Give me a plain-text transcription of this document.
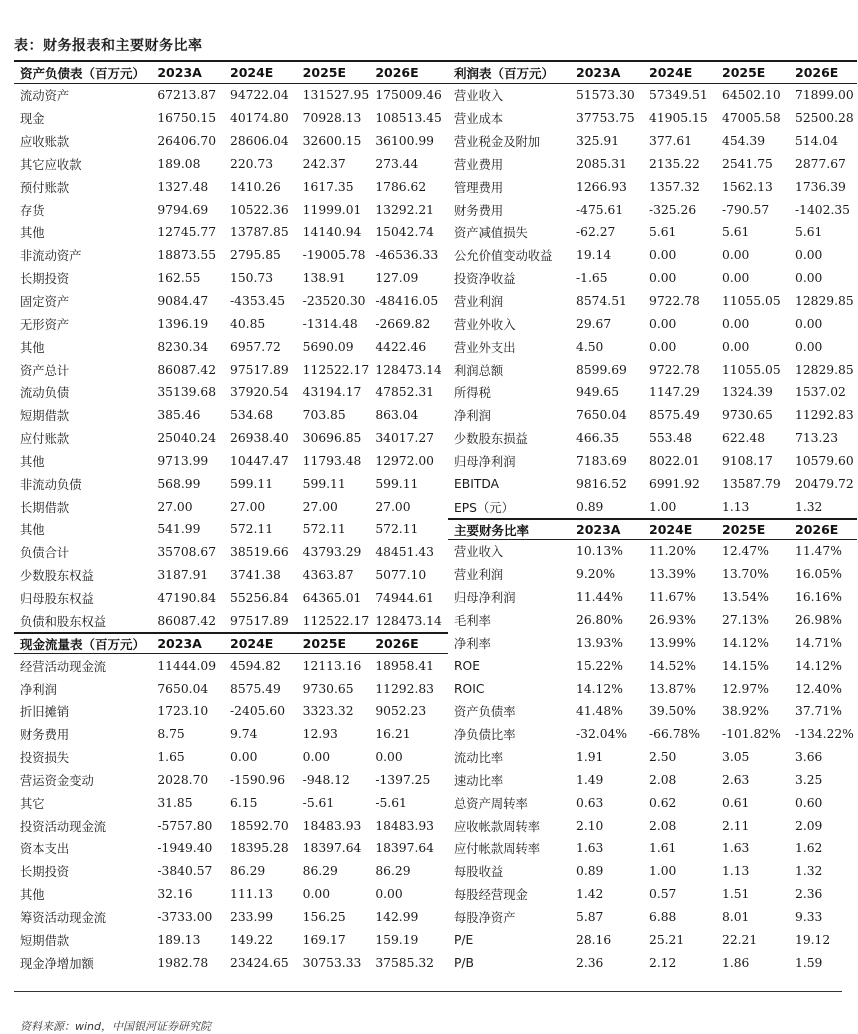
表：财务报表和主要财务比率
资产负债表（百万元） 2023A	2024E	2025E	2026E
流动资产	67213.87	94722.04	131527.95 175009.46
现金	16750.15	40174.80	70928.13	108513.45
应收账款	26406.70	28606.04	32600.15	36100.99
其它应收款	189.08	220.73	242.37	273.44
预付账款	1327.48	1410.26	1617.35	1786.62
存货	9794.69	10522.36	11999.01	13292.21
其他	12745.77	13787.85	14140.94	15042.74
非流动资产	18873.55	2795.85	-19005.78 -46536.33
长期投资	162.55	150.73	138.91	127.09
固定资产	9084.47	-4353.45	-23520.30 -48416.05
无形资产	1396.19	40.85	-1314.48	-2669.82
其他	8230.34	6957.72	5690.09	4422.46
资产总计	86087.42	97517.89	112522.17 128473.14
流动负债	35139.68	37920.54	43194.17	47852.31
短期借款	385.46	534.68	703.85	863.04
应付账款	25040.24	26938.40	30696.85	34017.27
其他	9713.99	10447.47	11793.48	12972.00
非流动负债	568.99	599.11	599.11	599.11
长期借款	27.00	27.00	27.00	27.00
其他	541.99	572.11	572.11	572.11
负债合计	35708.67	38519.66	43793.29	48451.43
少数股东权益	3187.91	3741.38	4363.87	5077.10
归母股东权益	47190.84	55256.84	64365.01	74944.61
负债和股东权益	86087.42	97517.89	112522.17 128473.14
现金流量表（百万元） 2023A	2024E	2025E	2026E
经营活动现金流	11444.09	4594.82	12113.16	18958.41
净利润	7650.04	8575.49	9730.65	11292.83
折旧摊销	1723.10	-2405.60	3323.32	9052.23
财务费用	8.75	9.74	12.93	16.21
投资损失	1.65	0.00	0.00	0.00
营运资金变动	2028.70	-1590.96	-948.12	-1397.25
其它	31.85	6.15	-5.61	-5.61
投资活动现金流	-5757.80	18592.70	18483.93	18483.93
资本支出	-1949.40	18395.28	18397.64	18397.64
长期投资	-3840.57	86.29	86.29	86.29
其他	32.16	111.13	0.00	0.00
筹资活动现金流	-3733.00	233.99	156.25	142.99
短期借款	189.13	149.22	169.17	159.19
现金净增加额	1982.78	23424.65	30753.33	37585.32
利润表（百万元）	2023A	2024E	2025E	2026E
营业收入	51573.30	57349.51	64502.10	71899.00
营业成本	37753.75	41905.15	47005.58	52500.28
营业税金及附加	325.91	377.61	454.39	514.04
营业费用	2085.31	2135.22	2541.75	2877.67
管理费用	1266.93	1357.32	1562.13	1736.39
财务费用	-475.61	-325.26	-790.57	-1402.35
资产减值损失	-62.27	5.61	5.61	5.61
公允价值变动收益	19.14	0.00	0.00	0.00
投资净收益	-1.65	0.00	0.00	0.00
营业利润	8574.51	9722.78	11055.05	12829.85
营业外收入	29.67	0.00	0.00	0.00
营业外支出	4.50	0.00	0.00	0.00
利润总额	8599.69	9722.78	11055.05	12829.85
所得税	949.65	1147.29	1324.39	1537.02
净利润	7650.04	8575.49	9730.65	11292.83
少数股东损益	466.35	553.48	622.48	713.23
归母净利润	7183.69	8022.01	9108.17	10579.60
EBITDA	9816.52	6991.92	13587.79	20479.72
EPS（元）	0.89	1.00	1.13	1.32
主要财务比率	2023A	2024E	2025E	2026E
营业收入	10.13%	11.20%	12.47%	11.47%
营业利润	9.20%	13.39%	13.70%	16.05%
归母净利润	11.44%	11.67%	13.54%	16.16%
毛利率	26.80%	26.93%	27.13%	26.98%
净利率	13.93%	13.99%	14.12%	14.71%
ROE	15.22%	14.52%	14.15%	14.12%
ROIC	14.12%	13.87%	12.97%	12.40%
资产负债率	41.48%	39.50%	38.92%	37.71%
净负债比率	-32.04%	-66.78%	-101.82%	-134.22%
流动比率	1.91	2.50	3.05	3.66
速动比率	1.49	2.08	2.63	3.25
总资产周转率	0.63	0.62	0.61	0.60
应收帐款周转率	2.10	2.08	2.11	2.09
应付帐款周转率	1.63	1.61	1.63	1.62
每股收益	0.89	1.00	1.13	1.32
每股经营现金	1.42	0.57	1.51	2.36
每股净资产	5.87	6.88	8.01	9.33
P/E	28.16	25.21	22.21	19.12
P/B	2.36	2.12	1.86	1.59
资料来源：wind，中国银河证券研究院
